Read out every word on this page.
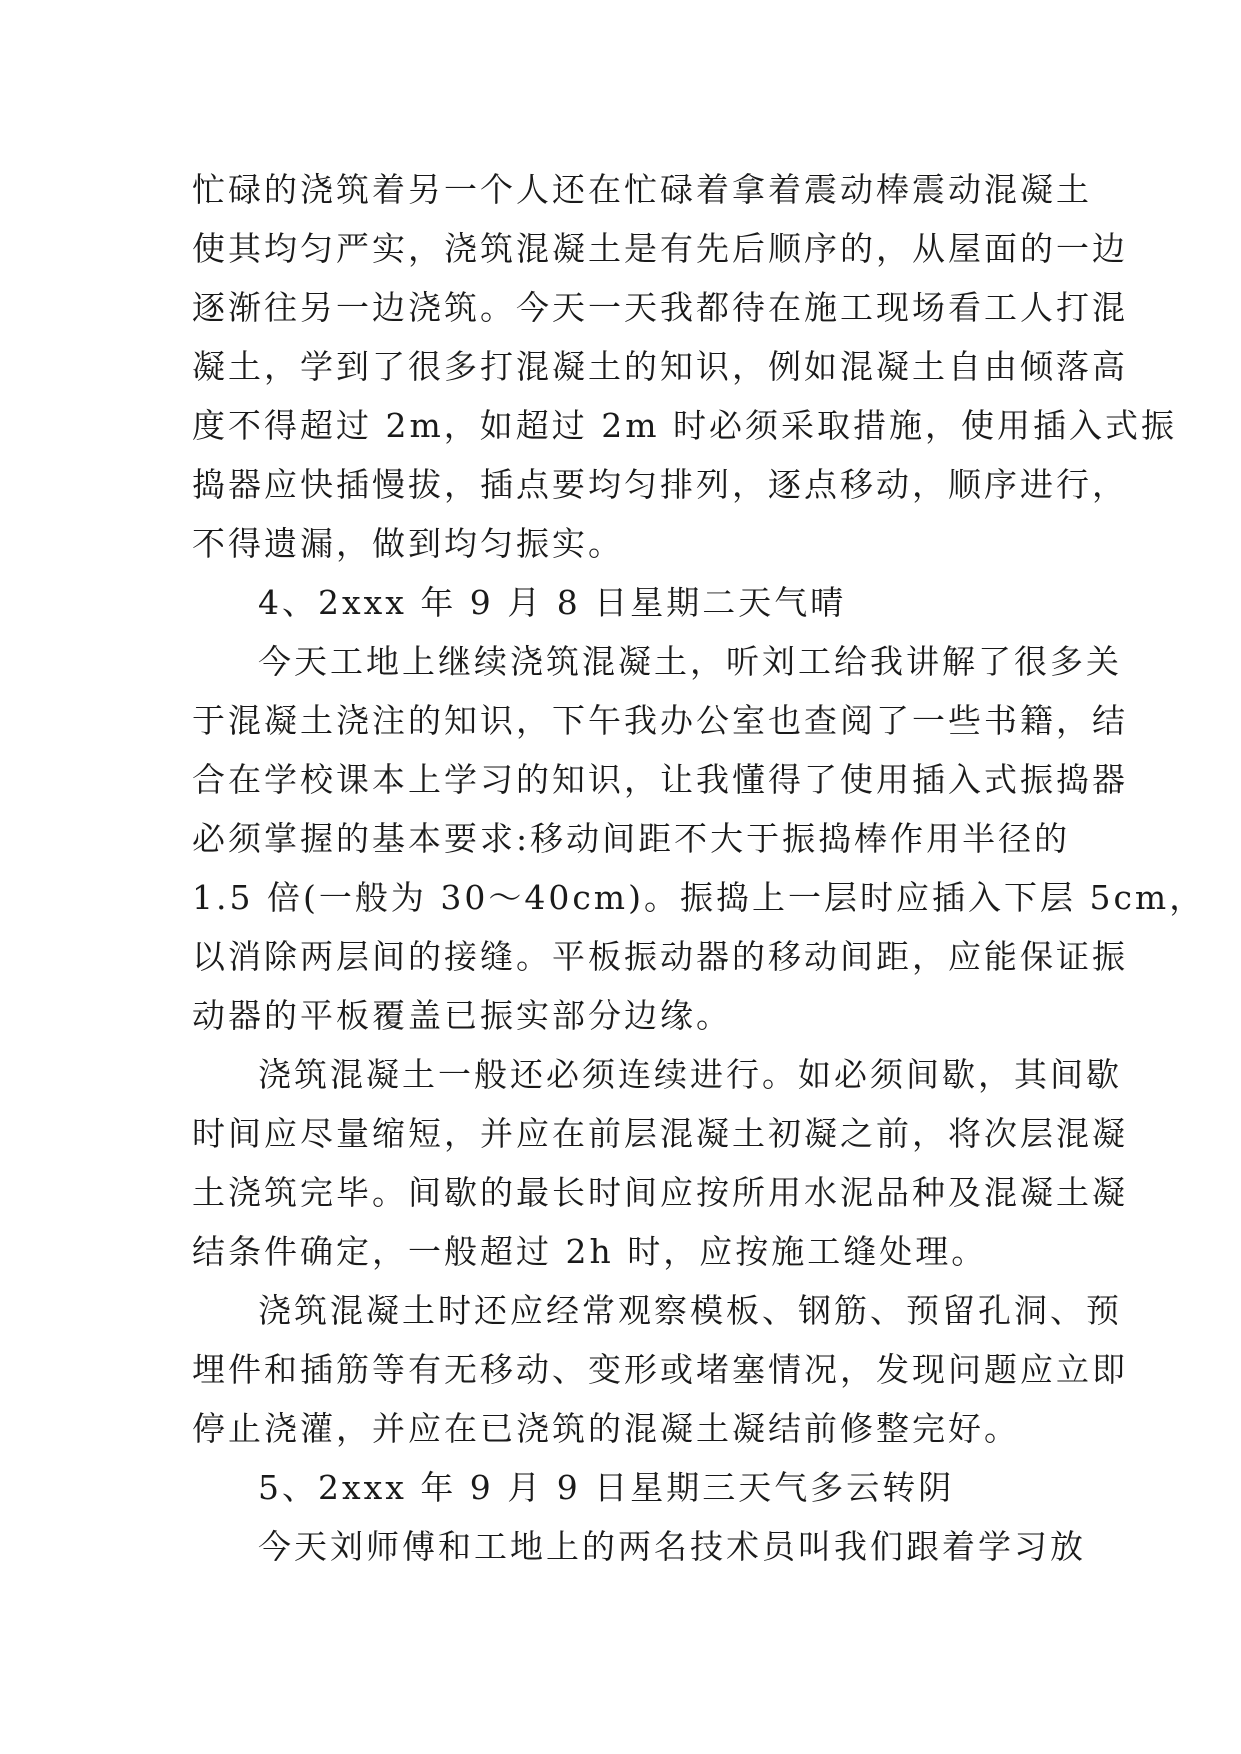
忙碌的浇筑着另一个人还在忙碌着拿着震动棒震动混凝土
使其均匀严实，浇筑混凝土是有先后顺序的，从屋面的一边
逐渐往另一边浇筑。今天一天我都待在施工现场看工人打混
凝土，学到了很多打混凝土的知识，例如混凝土自由倾落高
度不得超过 2m，如超过 2m 时必须采取措施，使用插入式振
捣器应快插慢拔，插点要均匀排列，逐点移动，顺序进行，
不得遗漏，做到均匀振实。
4、2xxx 年 9 月 8 日星期二天气晴
今天工地上继续浇筑混凝土，听刘工给我讲解了很多关
于混凝土浇注的知识，下午我办公室也查阅了一些书籍，结
合在学校课本上学习的知识，让我懂得了使用插入式振捣器
必须掌握的基本要求:移动间距不大于振捣棒作用半径的
1.5 倍(一般为 30～40cm)。振捣上一层时应插入下层 5cm，
以消除两层间的接缝。平板振动器的移动间距，应能保证振
动器的平板覆盖已振实部分边缘。
浇筑混凝土一般还必须连续进行。如必须间歇，其间歇
时间应尽量缩短，并应在前层混凝土初凝之前，将次层混凝
土浇筑完毕。间歇的最长时间应按所用水泥品种及混凝土凝
结条件确定，一般超过 2h 时，应按施工缝处理。
浇筑混凝土时还应经常观察模板、钢筋、预留孔洞、预
埋件和插筋等有无移动、变形或堵塞情况，发现问题应立即
停止浇灌，并应在已浇筑的混凝土凝结前修整完好。
5、2xxx 年 9 月 9 日星期三天气多云转阴
今天刘师傅和工地上的两名技术员叫我们跟着学习放
